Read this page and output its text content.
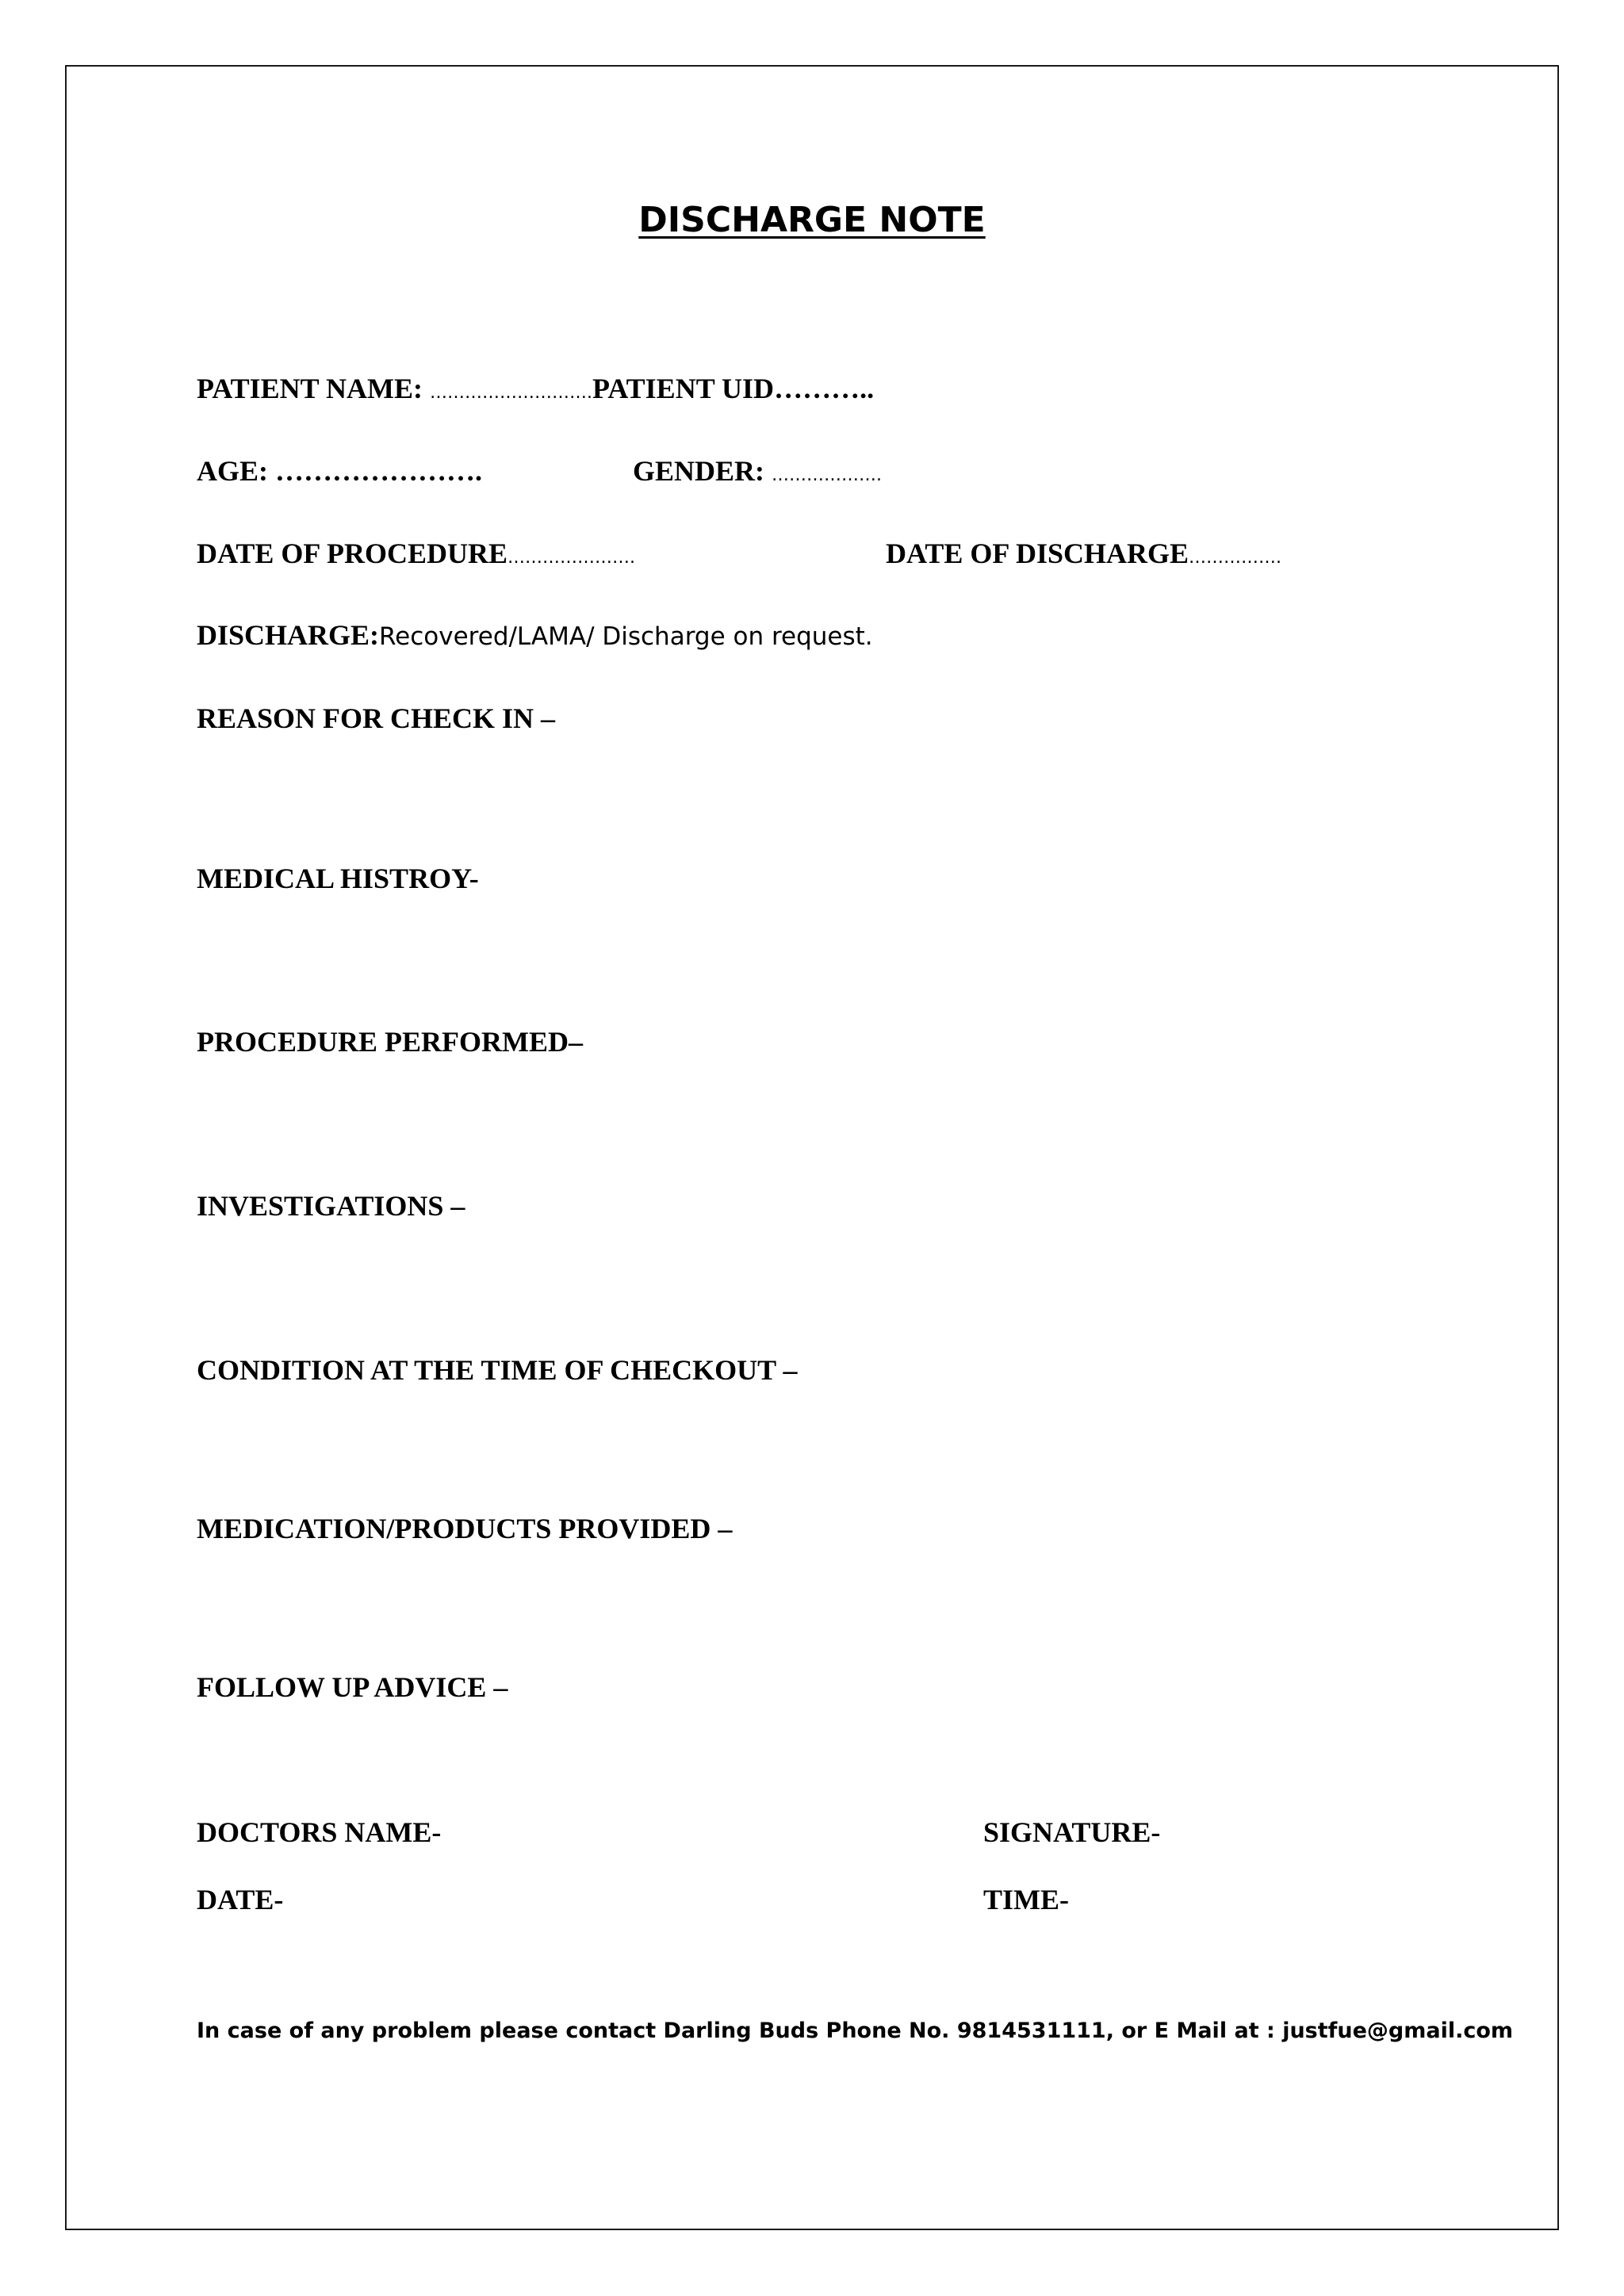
DISCHARGE NOTE
PATIENT NAME: ……………………….PATIENT UID………..
AGE: ………………….	GENDER: ……………….
DATE OF PROCEDURE………………….	DATE OF DISCHARGE…………….
DISCHARGE:Recovered/LAMA/ Discharge on request.
REASON FOR CHECK IN –
MEDICAL HISTROY-
PROCEDURE PERFORMED–
INVESTIGATIONS –
CONDITION AT THE TIME OF CHECKOUT –
MEDICATION/PRODUCTS PROVIDED –
FOLLOW UP ADVICE –
DOCTORS NAME-	SIGNATURE-
DATE-	TIME-
In case of any problem please contact Darling Buds Phone No. 9814531111, or E Mail at : justfue@gmail.com
